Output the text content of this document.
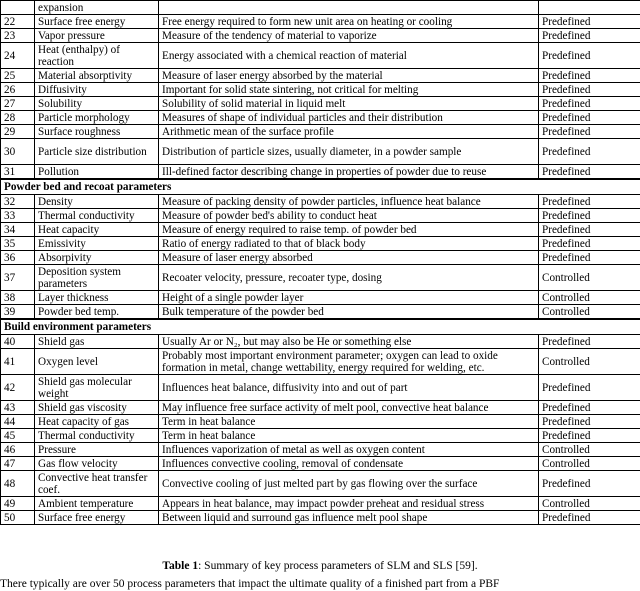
	expansion		
22	Surface free energy	Free energy required to form new unit area on heating or cooling	Predefined
23	Vapor pressure	Measure of the tendency of material to vaporize	Predefined
24	Heat (enthalpy) of reaction	Energy associated with a chemical reaction of material	Predefined
25	Material absorptivity	Measure of laser energy absorbed by the material	Predefined
26	Diffusivity	Important for solid state sintering, not critical for melting	Predefined
27	Solubility	Solubility of solid material in liquid melt	Predefined
28	Particle morphology	Measures of shape of individual particles and their distribution	Predefined
29	Surface roughness	Arithmetic mean of the surface profile	Predefined
30	Particle size distribution	Distribution of particle sizes, usually diameter, in a powder sample	Predefined
31	Pollution	Ill-defined factor describing change in properties of powder due to reuse	Predefined
Powder bed and recoat parameters			
32	Density	Measure of packing density of powder particles, influence heat balance	Predefined
33	Thermal conductivity	Measure of powder bed's ability to conduct heat	Predefined
34	Heat capacity	Measure of energy required to raise temp. of powder bed	Predefined
35	Emissivity	Ratio of energy radiated to that of black body	Predefined
36	Absorpivity	Measure of laser energy absorbed	Predefined
37	Deposition system parameters	Recoater velocity, pressure, recoater type, dosing	Controlled
38	Layer thickness	Height of a single powder layer	Controlled
39	Powder bed temp.	Bulk temperature of the powder bed	Controlled
Build environment parameters			
40	Shield gas	Usually Ar or N₂, but may also be He or something else	Predefined
41	Oxygen level	Probably most important environment parameter; oxygen can lead to oxide formation in metal, change wettability, energy required for welding, etc.	Controlled
42	Shield gas molecular weight	Influences heat balance, diffusivity into and out of part	Predefined
43	Shield gas viscosity	May influence free surface activity of melt pool, convective heat balance	Predefined
44	Heat capacity of gas	Term in heat balance	Predefined
45	Thermal conductivity	Term in heat balance	Predefined
46	Pressure	Influences vaporization of metal as well as oxygen content	Controlled
47	Gas flow velocity	Influences convective cooling, removal of condensate	Controlled
48	Convective heat transfer coef.	Convective cooling of just melted part by gas flowing over the surface	Predefined
49	Ambient temperature	Appears in heat balance, may impact powder preheat and residual stress	Controlled
50	Surface free energy	Between liquid and surround gas influence melt pool shape	Predefined
Table 1: Summary of key process parameters of SLM and SLS [59].
There typically are over 50 process parameters that impact the ultimate quality of a finished part from a PBF
